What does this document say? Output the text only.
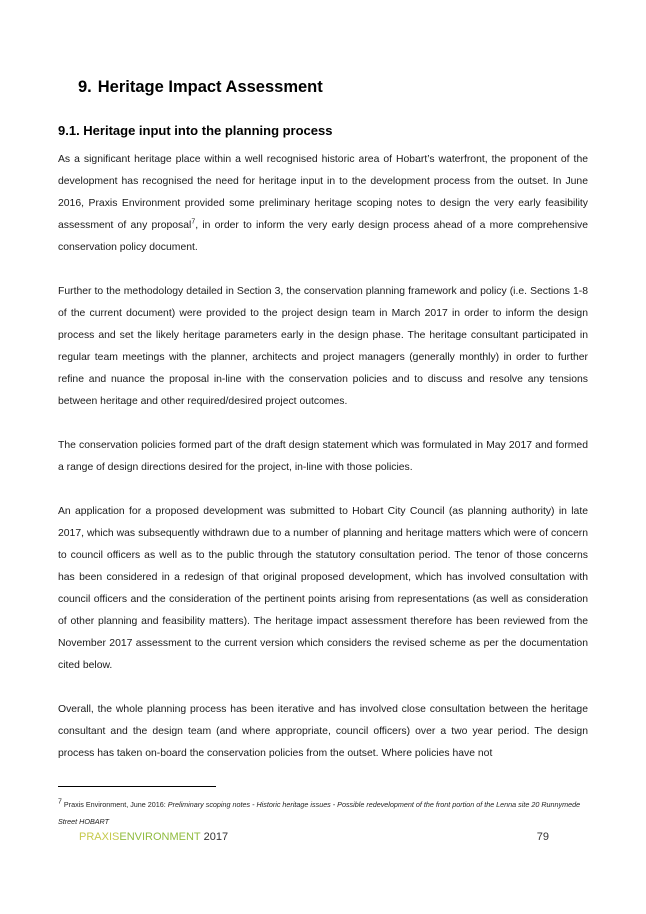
9. Heritage Impact Assessment
9.1. Heritage input into the planning process

As a significant heritage place within a well recognised historic area of Hobart’s waterfront, the proponent of the development has recognised the need for heritage input in to the development process from the outset. In June 2016, Praxis Environment provided some preliminary heritage scoping notes to design the very early feasibility assessment of any proposal$^7$, in order to inform the very early design process ahead of a more comprehensive conservation policy document.

Further to the methodology detailed in Section 3, the conservation planning framework and policy (i.e. Sections 1-8 of the current document) were provided to the project design team in March 2017 in order to inform the design process and set the likely heritage parameters early in the design phase. The heritage consultant participated in regular team meetings with the planner, architects and project managers (generally monthly) in order to further refine and nuance the proposal in-line with the conservation policies and to discuss and resolve any tensions between heritage and other required/desired project outcomes.

The conservation policies formed part of the draft design statement which was formulated in May 2017 and formed a range of design directions desired for the project, in-line with those policies.

An application for a proposed development was submitted to Hobart City Council (as planning authority) in late 2017, which was subsequently withdrawn due to a number of planning and heritage matters which were of concern to council officers as well as to the public through the statutory consultation period. The tenor of those concerns has been considered in a redesign of that original proposed development, which has involved consultation with council officers and the consideration of the pertinent points arising from representations (as well as consideration of other planning and feasibility matters). The heritage impact assessment therefore has been reviewed from the November 2017 assessment to the current version which considers the revised scheme as per the documentation cited below.

Overall, the whole planning process has been iterative and has involved close consultation between the heritage consultant and the design team (and where appropriate, council officers) over a two year period. The design process has taken on-board the conservation policies from the outset. Where policies have not

$^7$ Praxis Environment, June 2016: Preliminary scoping notes - Historic heritage issues - Possible redevelopment of the front portion of the Lenna site 20 Runnymede Street HOBART
PRAXISENVIRONMENT 2017	79
